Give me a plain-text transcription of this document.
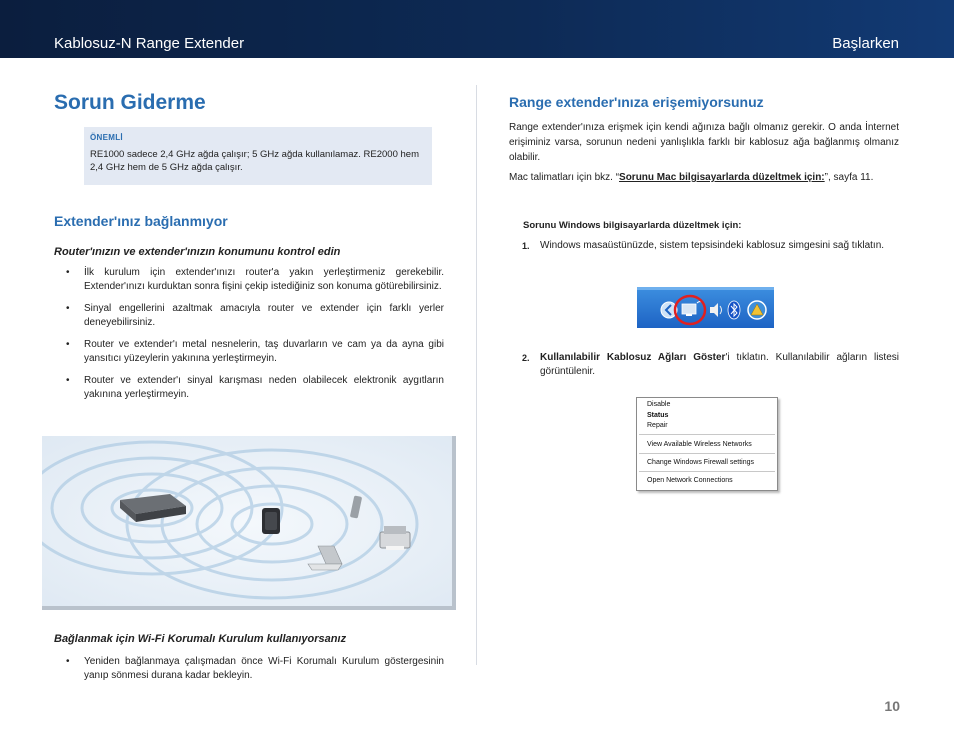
Kablosuz-N Range Extender	Başlarken
Sorun Giderme
ÖNEMLİ
RE1000 sadece 2,4 GHz ağda çalışır; 5 GHz ağda kullanılamaz. RE2000 hem 2,4 GHz hem de 5 GHz ağda çalışır.
Extender'ınız bağlanmıyor
Router'ınızın ve extender'ınızın konumunu kontrol edin
• İlk kurulum için extender'ınızı router'a yakın yerleştirmeniz gerekebilir. Extender'ınızı kurduktan sonra fişini çekip istediğiniz son konuma götürebilirsiniz.
• Sinyal engellerini azaltmak amacıyla router ve extender için farklı yerler deneyebilirsiniz.
• Router ve extender'ı metal nesnelerin, taş duvarların ve cam ya da ayna gibi yansıtıcı yüzeylerin yakınına yerleştirmeyin.
• Router ve extender'ı sinyal karışması neden olabilecek elektronik aygıtların yakınına yerleştirmeyin.
Bağlanmak için Wi-Fi Korumalı Kurulum kullanıyorsanız
• Yeniden bağlanmaya çalışmadan önce Wi-Fi Korumalı Kurulum göstergesinin yanıp sönmesi durana kadar bekleyin.
Range extender'ınıza erişemiyorsunuz
Range extender'ınıza erişmek için kendi ağınıza bağlı olmanız gerekir. O anda İnternet erişiminiz varsa, sorunun nedeni yanlışlıkla farklı bir kablosuz ağa bağlanmış olmanız olabilir.
Mac talimatları için bkz. “Sorunu Mac bilgisayarlarda düzeltmek için:”, sayfa 11.
Sorunu Windows bilgisayarlarda düzeltmek için:
1. Windows masaüstünüzde, sistem tepsisindeki kablosuz simgesini sağ tıklatın.
2. Kullanılabilir Kablosuz Ağları Göster'i tıklatın. Kullanılabilir ağların listesi görüntülenir.
Disable
Status
Repair
View Available Wireless Networks
Change Windows Firewall settings
Open Network Connections
10
